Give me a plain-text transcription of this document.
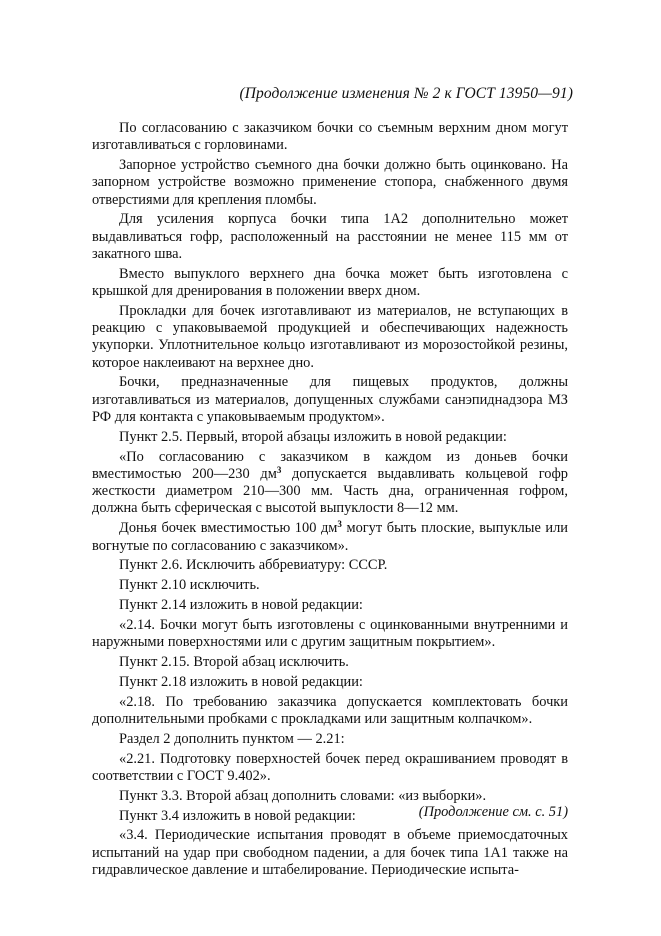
(Продолжение изменения № 2 к ГОСТ 13950—91)

По согласованию с заказчиком бочки со съемным верхним дном могут изготавливаться с горловинами.

Запорное устройство съемного дна бочки должно быть оцинковано. На запорном устройстве возможно применение стопора, снабженного двумя отверстиями для крепления пломбы.

Для усиления корпуса бочки типа 1А2 дополнительно может выдавливаться гофр, расположенный на расстоянии не менее 115 мм от закатного шва.

Вместо выпуклого верхнего дна бочка может быть изготовлена с крышкой для дренирования в положении вверх дном.

Прокладки для бочек изготавливают из материалов, не вступающих в реакцию с упаковываемой продукцией и обеспечивающих надежность укупорки. Уплотнительное кольцо изготавливают из морозостойкой резины, которое наклеивают на верхнее дно.

Бочки, предназначенные для пищевых продуктов, должны изготавливаться из материалов, допущенных службами санэпиднадзора МЗ РФ для контакта с упаковываемым продуктом».

Пункт 2.5. Первый, второй абзацы изложить в новой редакции:

«По согласованию с заказчиком в каждом из доньев бочки вместимостью 200—230 $дм^3$ допускается выдавливать кольцевой гофр жесткости диаметром 210—300 мм. Часть дна, ограниченная гофром, должна быть сферическая с высотой выпуклости 8—12 мм.

Донья бочек вместимостью 100 $дм^3$ могут быть плоские, выпуклые или вогнутые по согласованию с заказчиком».

Пункт 2.6. Исключить аббревиатуру: СССР.

Пункт 2.10 исключить.

Пункт 2.14 изложить в новой редакции:

«2.14. Бочки могут быть изготовлены с оцинкованными внутренними и наружными поверхностями или с другим защитным покрытием».

Пункт 2.15. Второй абзац исключить.

Пункт 2.18 изложить в новой редакции:

«2.18. По требованию заказчика допускается комплектовать бочки дополнительными пробками с прокладками или защитным колпачком».

Раздел 2 дополнить пунктом — 2.21:

«2.21. Подготовку поверхностей бочек перед окрашиванием проводят в соответствии с ГОСТ 9.402».

Пункт 3.3. Второй абзац дополнить словами: «из выборки».

Пункт 3.4 изложить в новой редакции:

«3.4. Периодические испытания проводят в объеме приемосдаточных испытаний на удар при свободном падении, а для бочек типа 1А1 также на гидравлическое давление и штабелирование. Периодические испыта-

(Продолжение см. с. 51)
